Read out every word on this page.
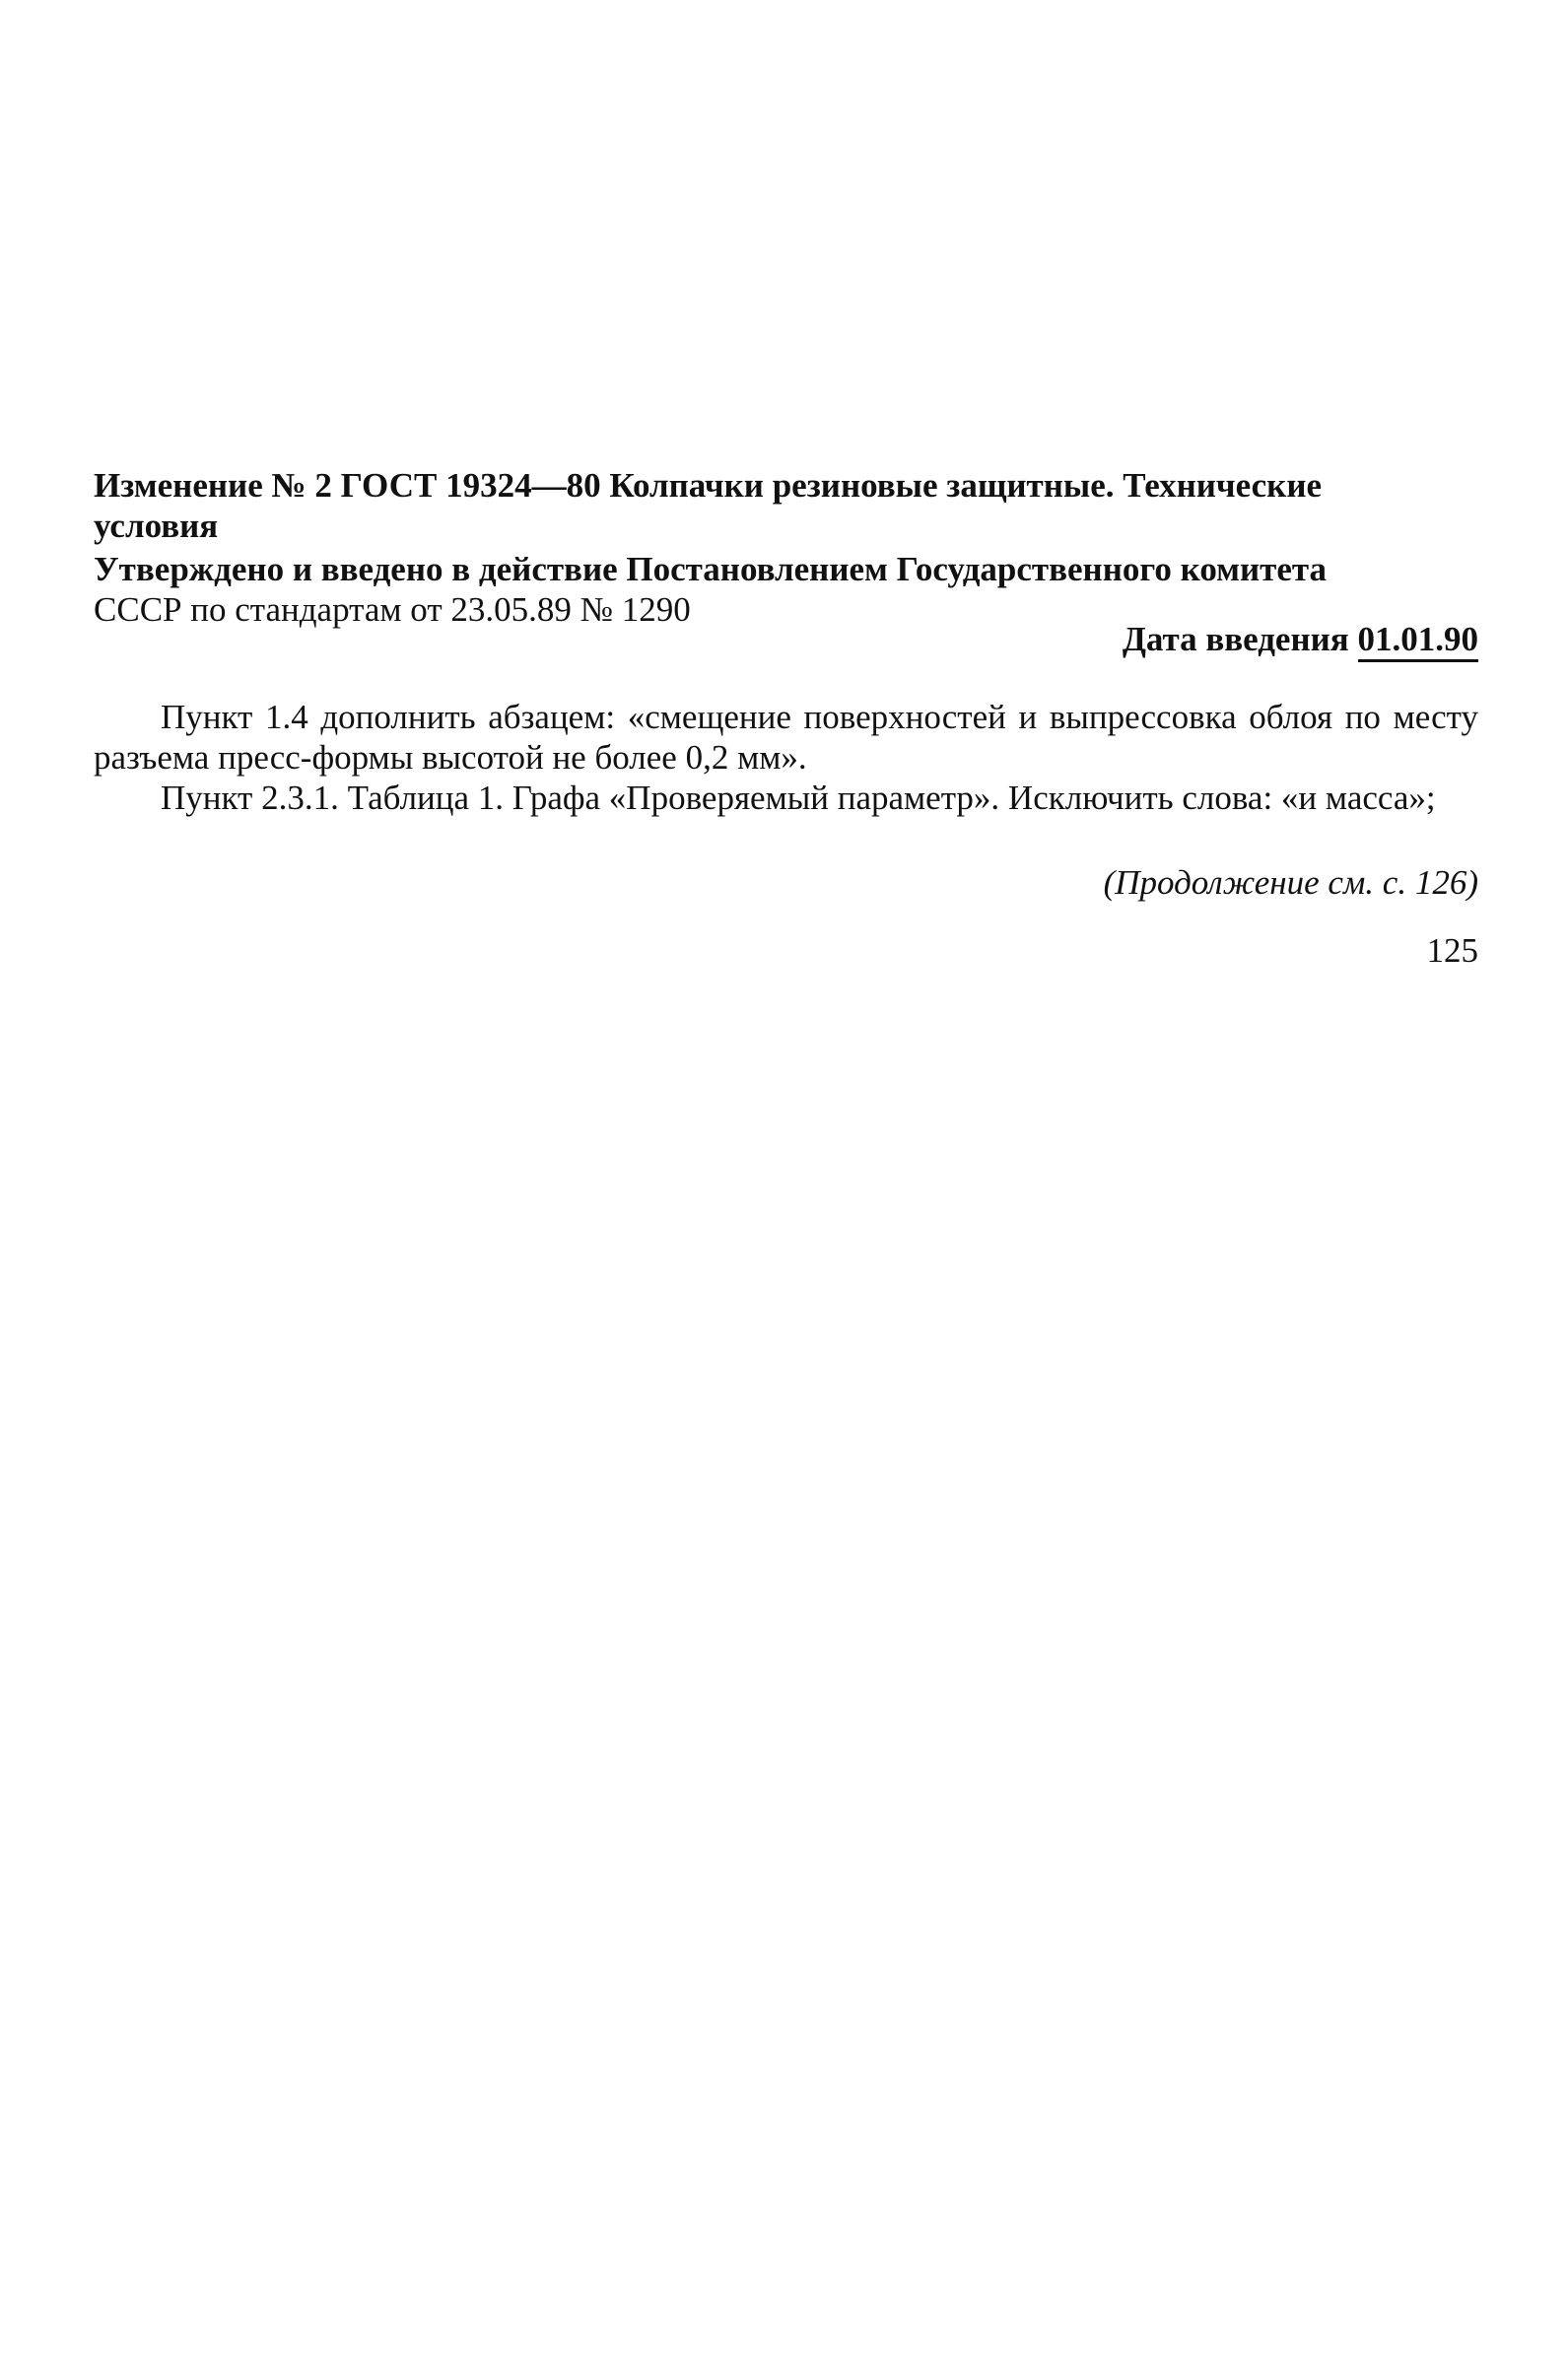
Изменение № 2 ГОСТ 19324—80 Колпачки резиновые защитные. Технические
условия
Утверждено и введено в действие Постановлением Государственного комитета
СССР по стандартам от 23.05.89 № 1290
Дата введения 01.01.90

Пункт 1.4 дополнить абзацем: «смещение поверхностей и выпрессовка облоя по месту разъема пресс-формы высотой не более 0,2 мм».

Пункт 2.3.1. Таблица 1. Графа «Проверяемый параметр». Исключить слова: «и масса»;

(Продолжение см. с. 126)
125
